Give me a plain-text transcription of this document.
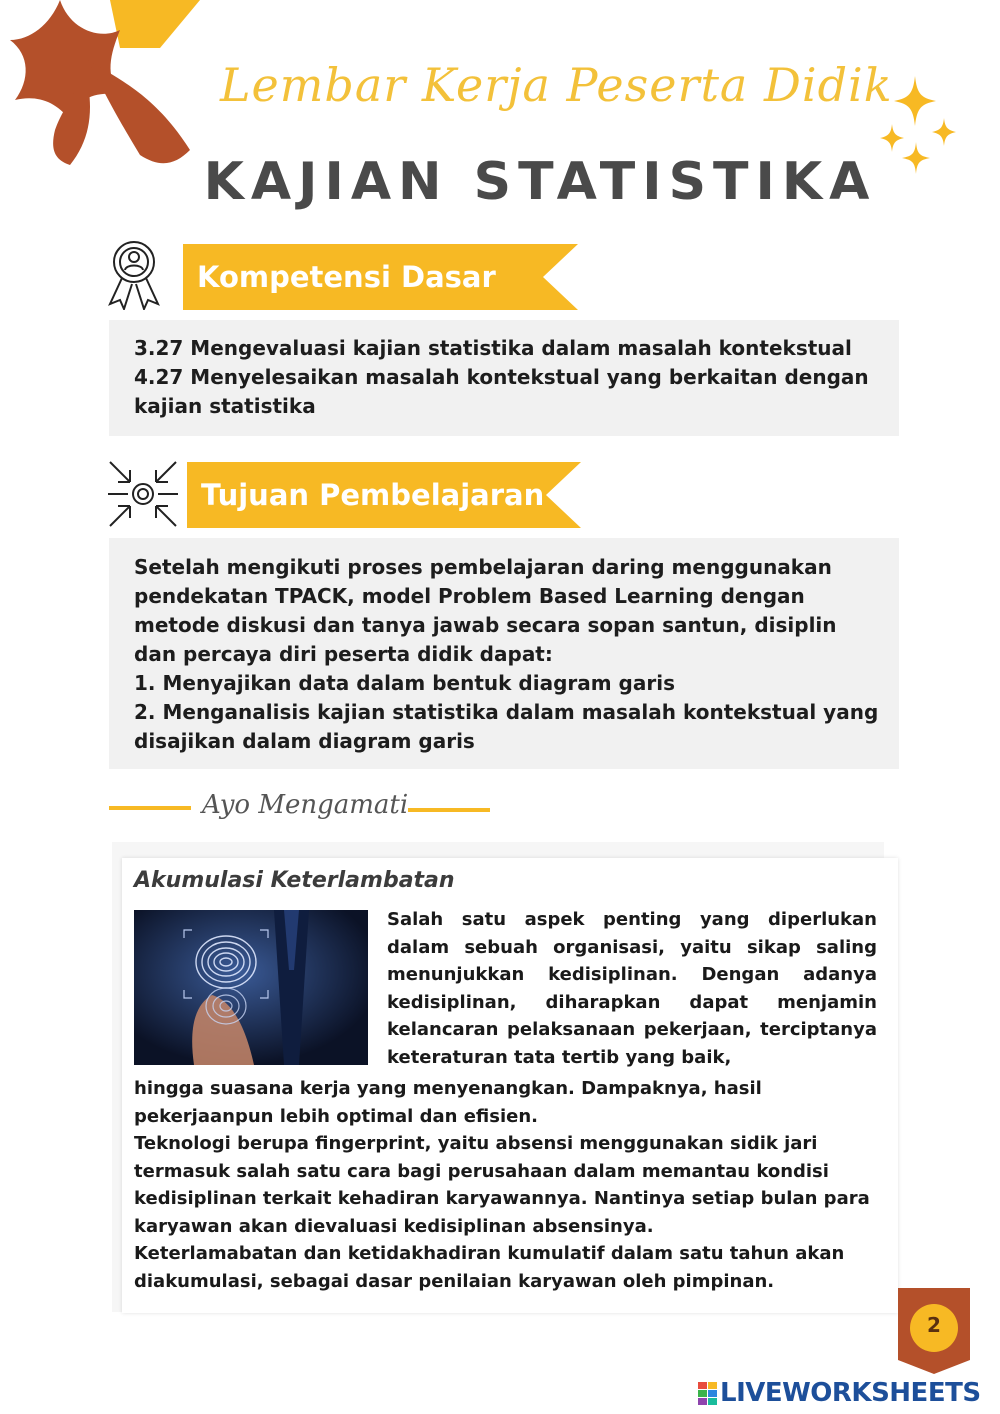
Lembar Kerja Peserta Didik
KAJIAN STATISTIKA
Kompetensi Dasar
3.27 Mengevaluasi kajian statistika dalam masalah kontekstual
4.27 Menyelesaikan masalah kontekstual yang berkaitan dengan kajian statistika
Tujuan Pembelajaran
Setelah mengikuti proses pembelajaran daring menggunakan pendekatan TPACK, model Problem Based Learning dengan metode diskusi dan tanya jawab secara sopan santun, disiplin dan percaya diri peserta didik dapat:
1. Menyajikan data dalam bentuk diagram garis
2. Menganalisis kajian statistika dalam masalah kontekstual yang disajikan dalam diagram garis
Ayo Mengamati
Akumulasi Keterlambatan
Salah satu aspek penting yang diperlukan dalam sebuah organisasi, yaitu sikap saling menunjukkan kedisiplinan. Dengan adanya kedisiplinan, diharapkan dapat menjamin kelancaran pelaksanaan pekerjaan, terciptanya keteraturan tata tertib yang baik,
hingga suasana kerja yang menyenangkan. Dampaknya, hasil pekerjaanpun lebih optimal dan efisien.
Teknologi berupa fingerprint, yaitu absensi menggunakan sidik jari termasuk salah satu cara bagi perusahaan dalam memantau kondisi kedisiplinan terkait kehadiran karyawannya. Nantinya setiap bulan para karyawan akan dievaluasi kedisiplinan absensinya.
Keterlamabatan dan ketidakhadiran kumulatif dalam satu tahun akan diakumulasi, sebagai dasar penilaian karyawan oleh pimpinan.
2
LIVEWORKSHEETS
